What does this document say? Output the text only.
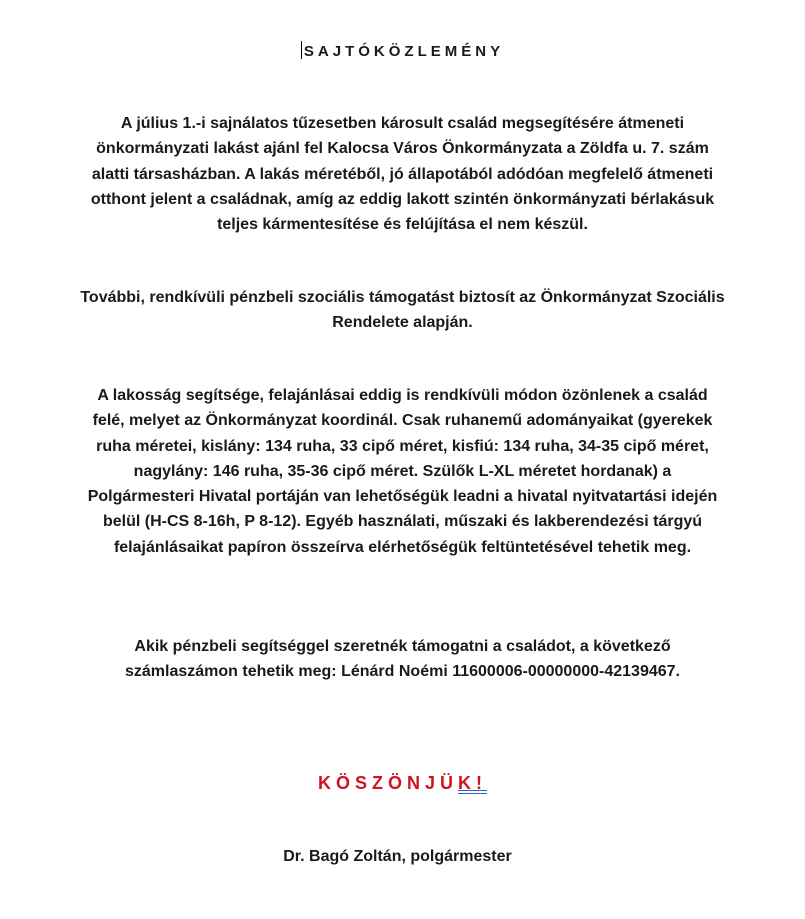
SAJTÓKÖZLEMÉNY

A július 1.-i sajnálatos tűzesetben károsult család megsegítésére átmeneti önkormányzati lakást ajánl fel Kalocsa Város Önkormányzata a Zöldfa u. 7. szám alatti társasházban. A lakás méretéből, jó állapotából adódóan megfelelő átmeneti otthont jelent a családnak, amíg az eddig lakott szintén önkormányzati bérlakásuk teljes kármentesítése és felújítása el nem készül.

További, rendkívüli pénzbeli szociális támogatást biztosít az Önkormányzat Szociális Rendelete alapján.

A lakosság segítsége, felajánlásai eddig is rendkívüli módon özönlenek a család felé, melyet az Önkormányzat koordinál. Csak ruhanemű adományaikat (gyerekek ruha méretei, kislány: 134 ruha, 33 cipő méret, kisfiú: 134 ruha, 34-35 cipő méret, nagylány: 146 ruha, 35-36 cipő méret. Szülők L-XL méretet hordanak) a Polgármesteri Hivatal portáján van lehetőségük leadni a hivatal nyitvatartási idején belül (H-CS 8-16h, P 8-12). Egyéb használati, műszaki és lakberendezési tárgyú felajánlásaikat papíron összeírva elérhetőségük feltüntetésével tehetik meg.

Akik pénzbeli segítséggel szeretnék támogatni a családot, a következő számlaszámon tehetik meg: Lénárd Noémi 11600006-00000000-42139467.

KÖSZÖNJÜK!
Dr. Bagó Zoltán, polgármester
